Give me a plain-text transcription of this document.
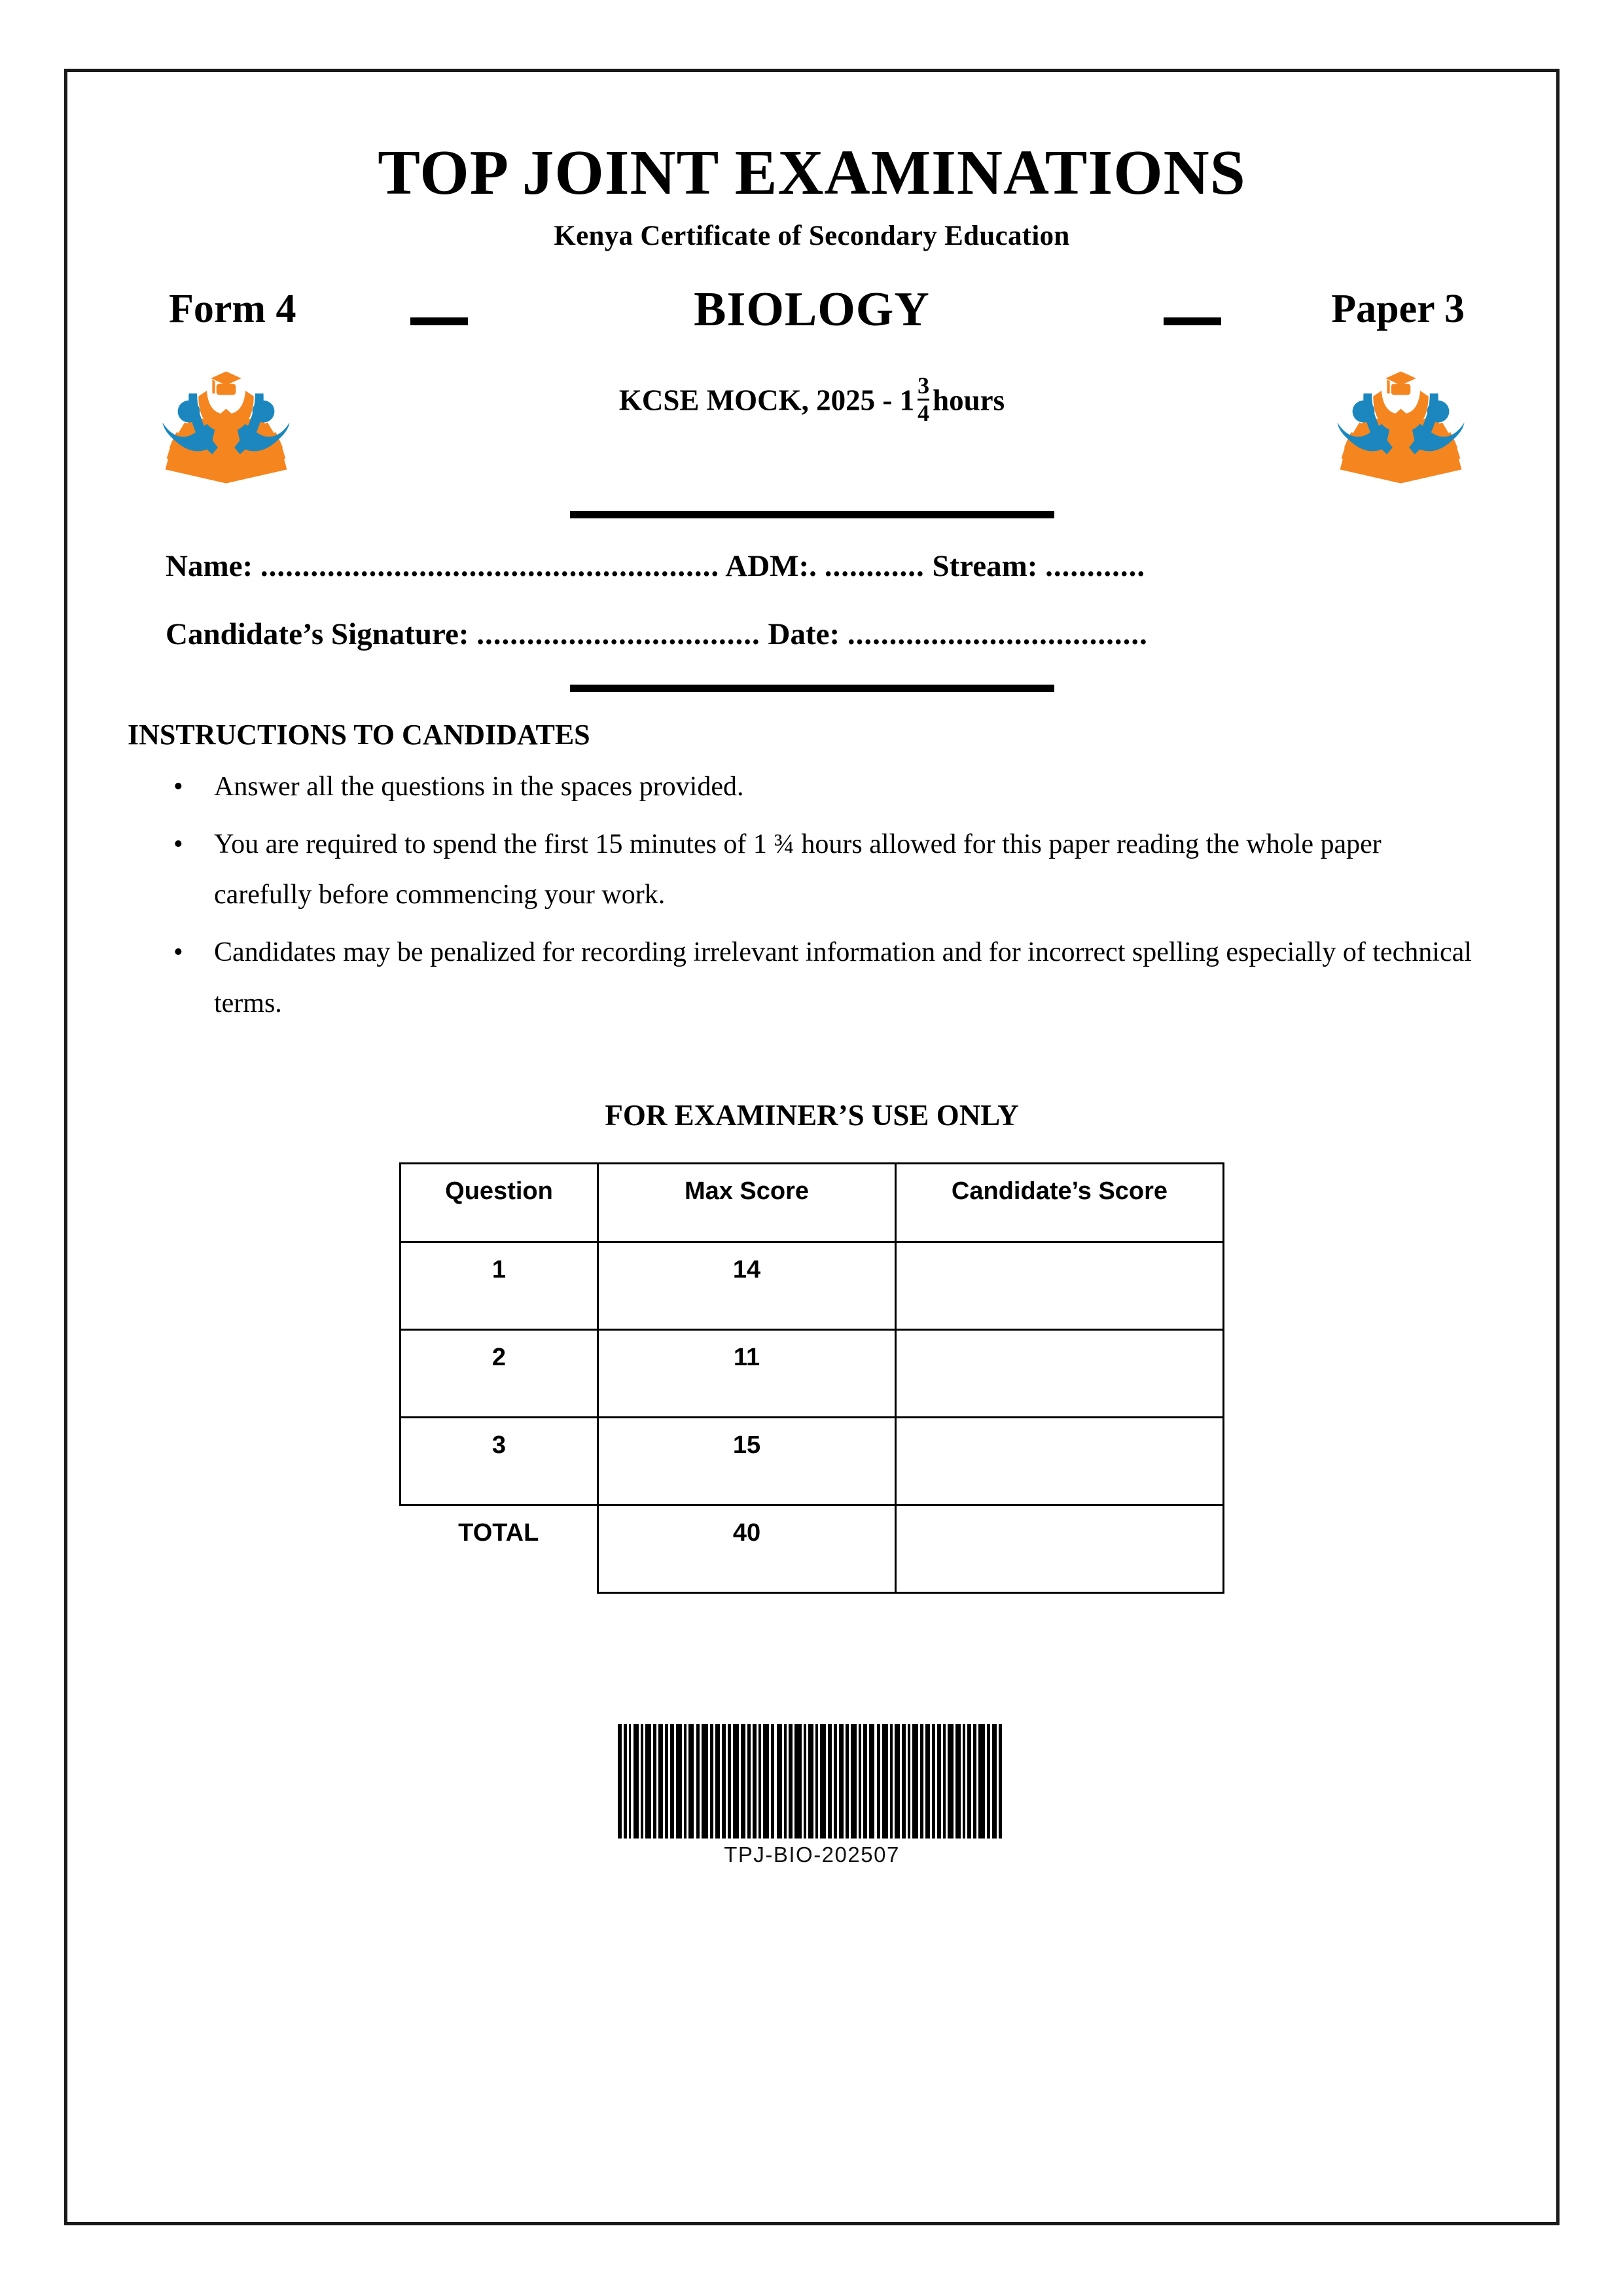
TOP JOINT EXAMINATIONS
Kenya Certificate of Secondary Education
Form 4	BIOLOGY	Paper 3
KCSE MOCK, $2025 - 1 \frac{3}{4}$ hours
Name: ....................................................... ADM:. ............ Stream: ............
Candidate’s Signature: .................................. Date: ....................................
INSTRUCTIONS TO CANDIDATES
• Answer all the questions in the spaces provided.
• You are required to spend the first 15 minutes of 1 ¾ hours allowed for this paper reading the whole paper carefully before commencing your work.
• Candidates may be penalized for recording irrelevant information and for incorrect spelling especially of technical terms.
FOR EXAMINER’S USE ONLY
Question	Max Score	Candidate’s Score
1	14	
2	11	
3	15	
TOTAL	40	
TPJ-BIO-202507
